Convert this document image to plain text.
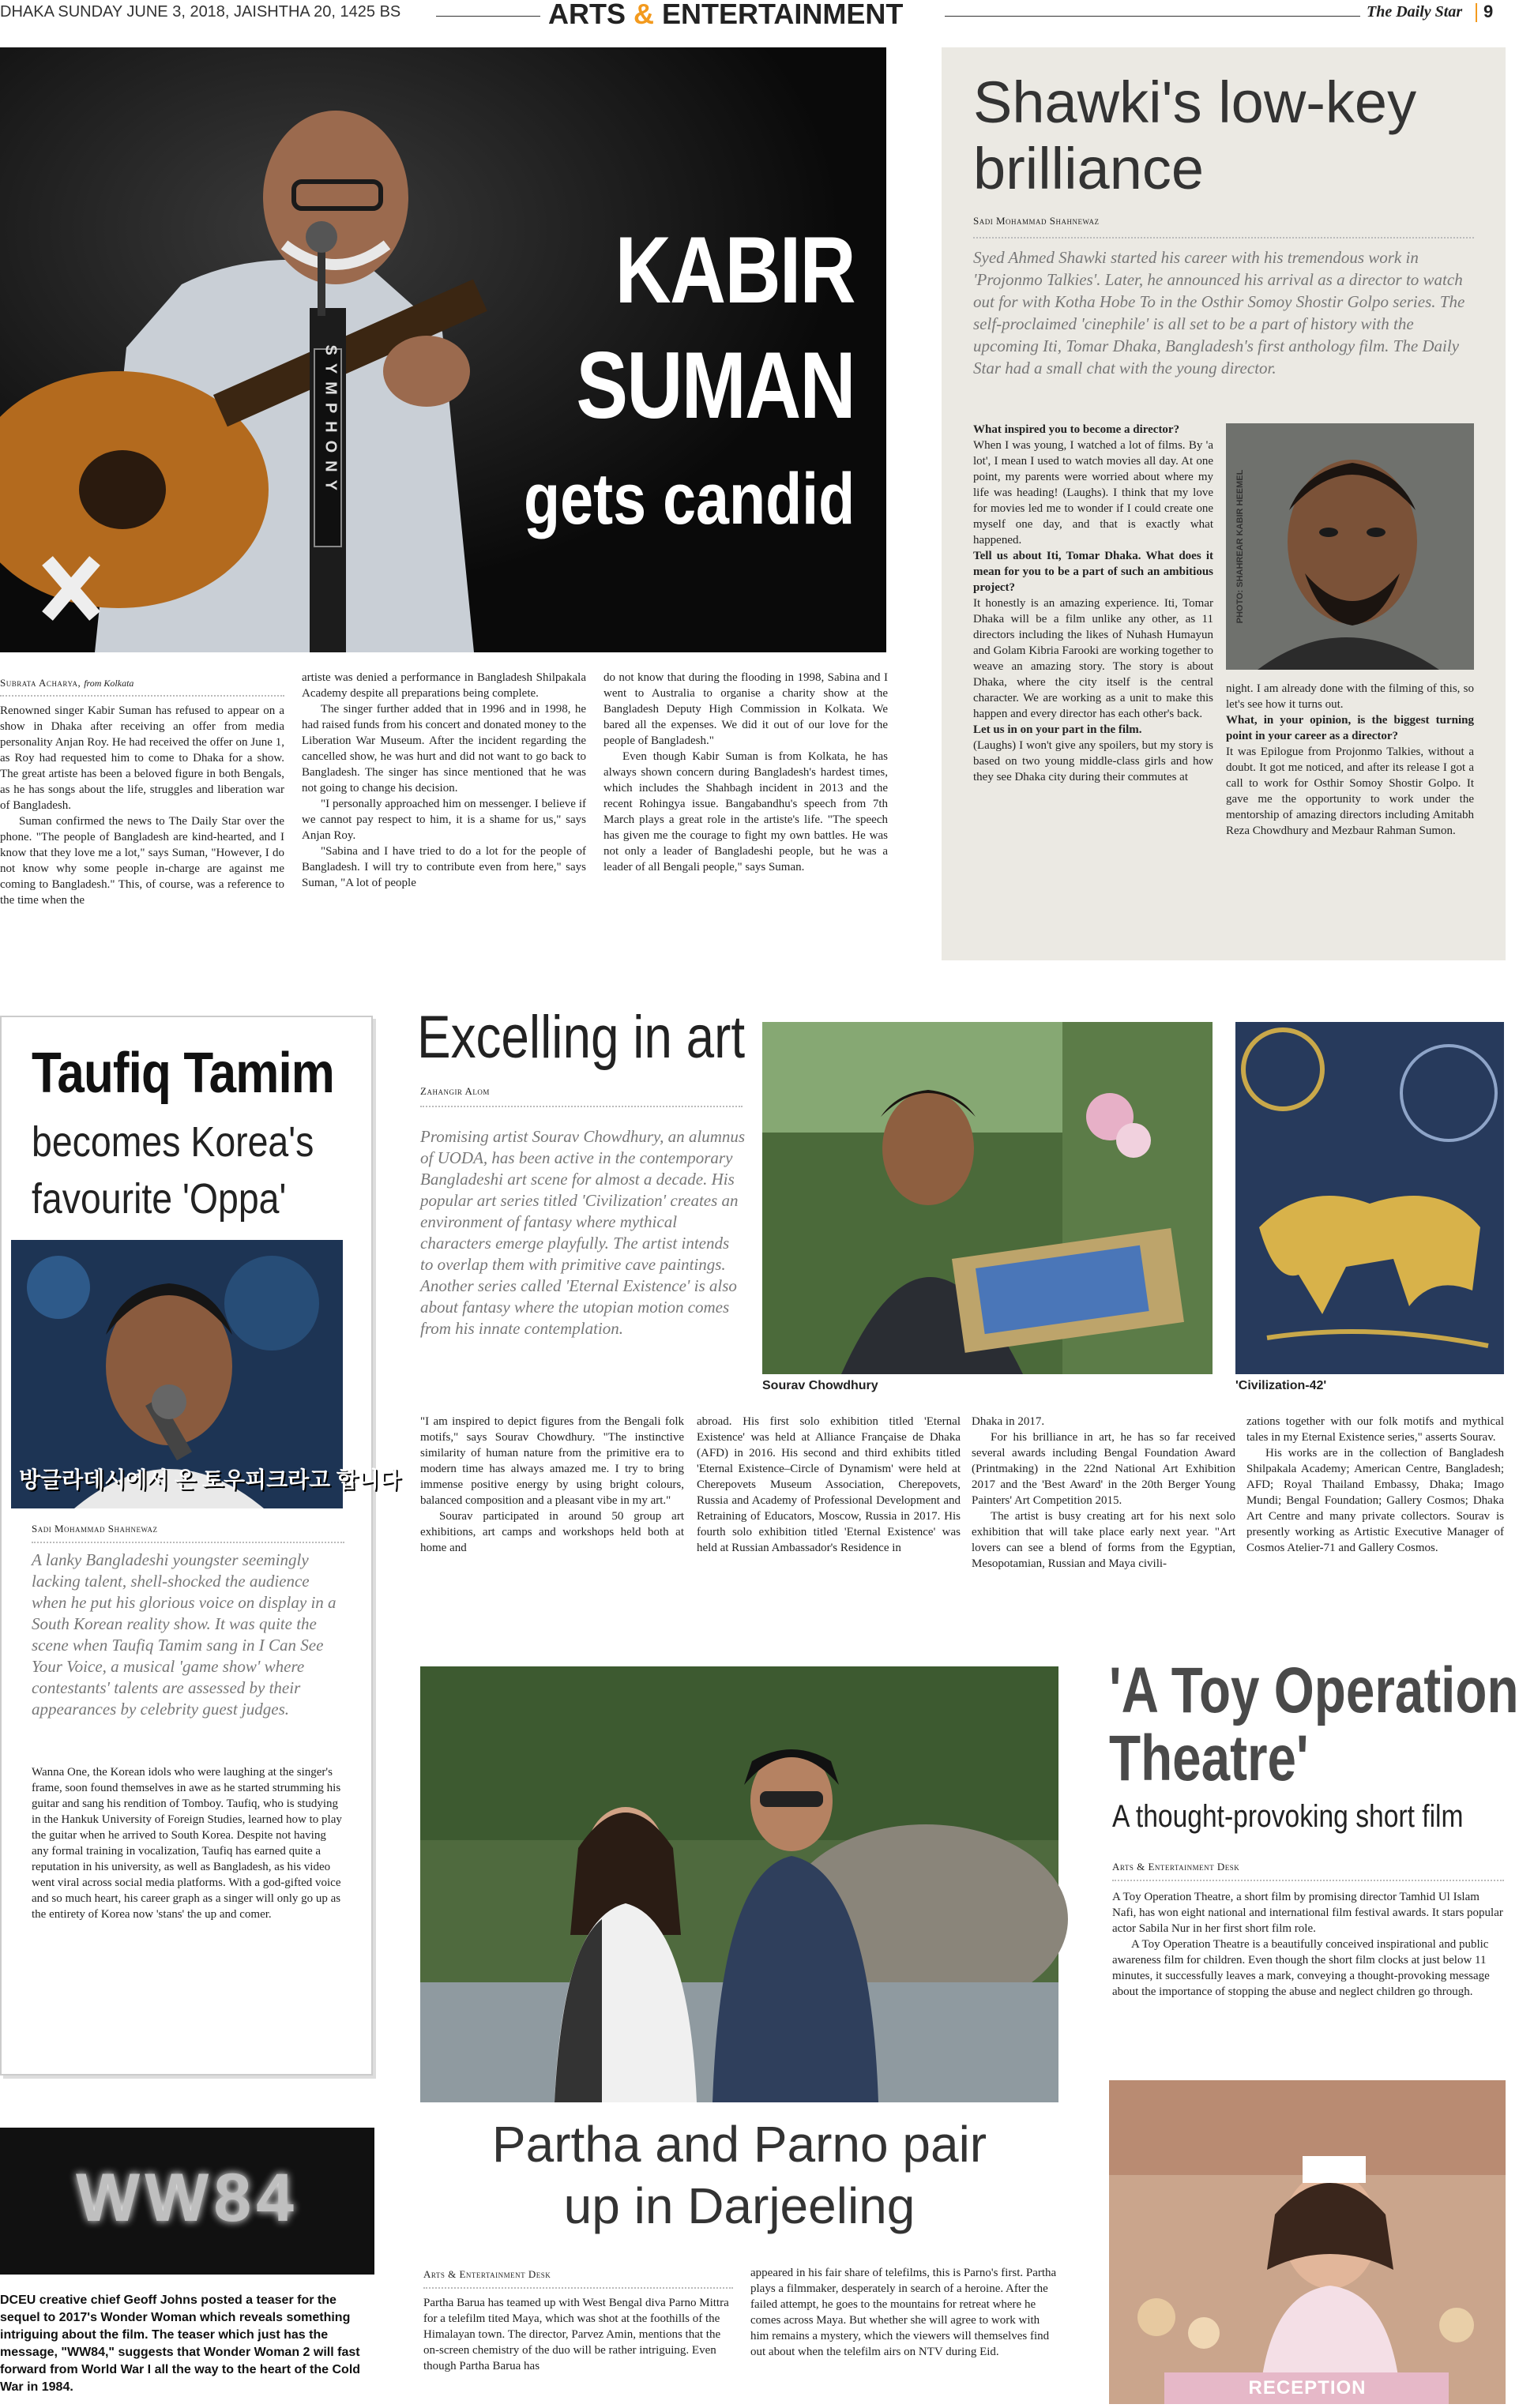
DHAKA SUNDAY JUNE 3, 2018, JAISHTHA 20, 1425 BS	ARTS & ENTERTAINMENT	The Daily Star 9
KABIR
SUMAN
gets candid
Subrata Acharya, from Kolkata

Renowned singer Kabir Suman has refused to appear on a show in Dhaka after receiving an offer from media personality Anjan Roy. He had received the offer on June 1, as Roy had requested him to come to Dhaka for a show. The great artiste has been a beloved figure in both Bengals, as he has songs about the life, struggles and liberation war of Bangladesh.

Suman confirmed the news to The Daily Star over the phone. "The people of Bangladesh are kind-hearted, and I know that they love me a lot," says Suman, "However, I do not know why some people in-charge are against me coming to Bangladesh." This, of course, was a reference to the time when the

artiste was denied a performance in Bangladesh Shilpakala Academy despite all preparations being complete.

The singer further added that in 1996 and in 1998, he had raised funds from his concert and donated money to the Liberation War Museum. After the incident regarding the cancelled show, he was hurt and did not want to go back to Bangladesh. The singer has since mentioned that he was not going to change his decision.

"I personally approached him on messenger. I believe if we cannot pay respect to him, it is a shame for us," says Anjan Roy.

"Sabina and I have tried to do a lot for the people of Bangladesh. I will try to contribute even from here," says Suman, "A lot of people

do not know that during the flooding in 1998, Sabina and I went to Australia to organise a charity show at the Bangladesh Deputy High Commission in Kolkata. We bared all the expenses. We did it out of our love for the people of Bangladesh."

Even though Kabir Suman is from Kolkata, he has always shown concern during Bangladesh's hardest times, which includes the Shahbagh incident in 2013 and the recent Rohingya issue. Bangabandhu's speech from 7th March plays a great role in the artiste's life. "The speech has given me the courage to fight my own battles. He was not only a leader of Bangladeshi people, but he was a leader of all Bengali people," says Suman.

Shawki's low-key brilliance
Sadi Mohammad Shahnewaz
Syed Ahmed Shawki started his career with his tremendous work in 'Projonmo Talkies'. Later, he announced his arrival as a director to watch out for with Kotha Hobe To in the Osthir Somoy Shostir Golpo series. The self-proclaimed 'cinephile' is all set to be a part of history with the upcoming Iti, Tomar Dhaka, Bangladesh's first anthology film. The Daily Star had a small chat with the young director.

What inspired you to become a director?

When I was young, I watched a lot of films. By 'a lot', I mean I used to watch movies all day. At one point, my parents were worried about where my life was heading! (Laughs). I think that my love for movies led me to wonder if I could create one myself one day, and that is exactly what happened.

Tell us about Iti, Tomar Dhaka. What does it mean for you to be a part of such an ambitious project?

It honestly is an amazing experience. Iti, Tomar Dhaka will be a film unlike any other, as 11 directors including the likes of Nuhash Humayun and Golam Kibria Farooki are working together to weave an amazing story. The story is about Dhaka, where the city itself is the central character. We are working as a unit to make this happen and every director has each other's back.

Let us in on your part in the film.

(Laughs) I won't give any spoilers, but my story is based on two young middle-class girls and how they see Dhaka city during their commutes at

PHOTO: SHAHREAR KABIR HEEMEL

night. I am already done with the filming of this, so let's see how it turns out.

What, in your opinion, is the biggest turning point in your career as a director?

It was Epilogue from Projonmo Talkies, without a doubt. It got me noticed, and after its release I got a call to work for Osthir Somoy Shostir Golpo. It gave me the opportunity to work under the mentorship of amazing directors including Amitabh Reza Chowdhury and Mezbaur Rahman Sumon.

Taufiq Tamim
becomes Korea's favourite 'Oppa'
방글라데시에서 온 토우피크라고 합니다
Sadi Mohammad Shahnewaz
A lanky Bangladeshi youngster seemingly lacking talent, shell-shocked the audience when he put his glorious voice on display in a South Korean reality show. It was quite the scene when Taufiq Tamim sang in I Can See Your Voice, a musical 'game show' where contestants' talents are assessed by their appearances by celebrity guest judges.
Wanna One, the Korean idols who were laughing at the singer's frame, soon found themselves in awe as he started strumming his guitar and sang his rendition of Tomboy. Taufiq, who is studying in the Hankuk University of Foreign Studies, learned how to play the guitar when he arrived to South Korea. Despite not having any formal training in vocalization, Taufiq has earned quite a reputation in his university, as well as Bangladesh, as his video went viral across social media platforms. With a god-gifted voice and so much heart, his career graph as a singer will only go up as the entirety of Korea now 'stans' the up and comer.
Excelling in art
Zahangir Alom
Promising artist Sourav Chowdhury, an alumnus of UODA, has been active in the contemporary Bangladeshi art scene for almost a decade. His popular art series titled 'Civilization' creates an environment of fantasy where mythical characters emerge playfully. The artist intends to overlap them with primitive cave paintings. Another series called 'Eternal Existence' is also about fantasy where the utopian motion comes from his innate contemplation.
Sourav Chowdhury	'Civilization-42'

"I am inspired to depict figures from the Bengali folk motifs," says Sourav Chowdhury. "The instinctive similarity of human nature from the primitive era to modern time has always amazed me. I try to bring immense positive energy by using bright colours, balanced composition and a pleasant vibe in my art."

Sourav participated in around 50 group art exhibitions, art camps and workshops held both at home and

abroad. His first solo exhibition titled 'Eternal Existence' was held at Alliance Française de Dhaka (AFD) in 2016. His second and third exhibits titled 'Eternal Existence–Circle of Dynamism' were held at Cherepovets Museum Association, Cherepovets, Russia and Academy of Professional Development and Retraining of Educators, Moscow, Russia in 2017. His fourth solo exhibition titled 'Eternal Existence' was held at Russian Ambassador's Residence in

Dhaka in 2017.

For his brilliance in art, he has so far received several awards including Bengal Foundation Award (Printmaking) in the 22nd National Art Exhibition 2017 and the 'Best Award' in the 20th Berger Young Painters' Art Competition 2015.

The artist is busy creating art for his next solo exhibition that will take place early next year. "Art lovers can see a blend of forms from the Egyptian, Mesopotamian, Russian and Maya civili-

zations together with our folk motifs and mythical tales in my Eternal Existence series," asserts Sourav.

His works are in the collection of Bangladesh Shilpakala Academy; American Centre, Bangladesh; AFD; Royal Thailand Embassy, Dhaka; Imago Mundi; Bengal Foundation; Gallery Cosmos; Dhaka Art Centre and many private collectors. Sourav is presently working as Artistic Executive Manager of Cosmos Atelier-71 and Gallery Cosmos.

Partha and Parno pair
up in Darjeeling
Arts & Entertainment Desk
Partha Barua has teamed up with West Bengal diva Parno Mittra for a telefilm tited Maya, which was shot at the foothills of the Himalayan town. The director, Parvez Amin, mentions that the on-screen chemistry of the duo will be rather intriguing. Even though Partha Barua has
appeared in his fair share of telefilms, this is Parno's first. Partha plays a filmmaker, desperately in search of a heroine. After the failed attempt, he goes to the mountains for retreat where he comes across Maya. But whether she will agree to work with him remains a mystery, which the viewers will themselves find out about when the telefilm airs on NTV during Eid.
WW84
DCEU creative chief Geoff Johns posted a teaser for the sequel to 2017's Wonder Woman which reveals something intriguing about the film. The teaser which just has the message, "WW84," suggests that Wonder Woman 2 will fast forward from World War I all the way to the heart of the Cold War in 1984.
'A Toy Operation
Theatre'
A thought-provoking short film
Arts & Entertainment Desk

A Toy Operation Theatre, a short film by promising director Tamhid Ul Islam Nafi, has won eight national and international film festival awards. It stars popular actor Sabila Nur in her first short film role.

A Toy Operation Theatre is a beautifully conceived inspirational and public awareness film for children. Even though the short film clocks at just below 11 minutes, it successfully leaves a mark, conveying a thought-provoking message about the importance of stopping the abuse and neglect children go through.

RECEPTION
